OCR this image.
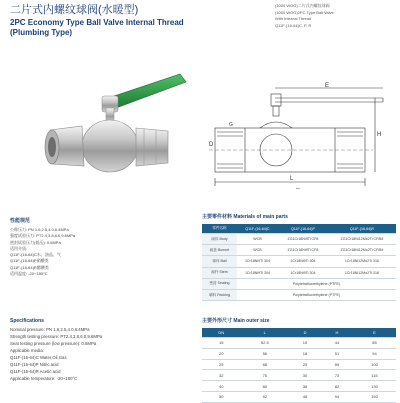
二片式内螺纹球阀(水暖型)
2PC Economy Type Ball Valve Internal Thread
(Plumbing Type)
(1000 WOG)二片式内螺纹球阀
(1000 WOG)2PC Type Ball Valve
With Internal Thread
Q11F-(16-64)C, P, R
L
H
E
D
G
⇔
性能规范
公称压力: PN 1.6,2.5,4.0,6.4MPa
强度试验压力: PT2.4,3.8,6.0,9.6MPa
密封试验压力(低压): 0.6MPa
适用介质:
Q11F-(16-64)C水、油品、气
Q11F-(16-64)P硝酸类
Q11F-(16-64)R醋酸类
适用温度: -20~180°C
Specifications
Nominal pressure: PN 1.6,2.5,4.0,6.4MPa
Strength testing pressure: PT2.4,3.8,6.0,9.6MPa
Seat testing pressure (low pressure): 0.6MPa
Applicable media:
Q11F-(16-64)C Water,Oil,Gas
Q11F-(16-64)P Nitric acid
Q11F-(16-64)R Acetic acid
Applicable temperature: -20~180°C
主要零件材料 Materials of main parts
零件名称	Q11F-(16-64)C	Q11F-(16-64)P	Q11F-(16-64)R
阀体 Body	WCB	ZG1Cr18Ni9Ti CF8	ZG1Cr18Ni12Mo2Ti CF8M
阀盖 Bonnet	WCB	ZG1Cr18Ni9Ti CF8	ZG1Cr18Ni12Mo2Ti CF8M
球体 Ball	1Cr18Ni9Ti 304	1Cr18Ni9Ti 304	1Cr18Ni12Mo2Ti 316
阀杆 Stem	1Cr18Ni9Ti 304	1Cr18Ni9Ti 304	1Cr18Ni12Mo2Ti 316
密封 Sealing	Polytetrafluorethylene (PTFE)		
填料 Packing	Polytetrafluorethylene (PTFE)		
主要外形尺寸 Main outer size
DN	L	D	H	E
15	52.5	10	44	85
20	56	18	51	94
25	68	25	59	100
32	75	30	73	115
40	80	38	82	130
50	92	48	94	150
